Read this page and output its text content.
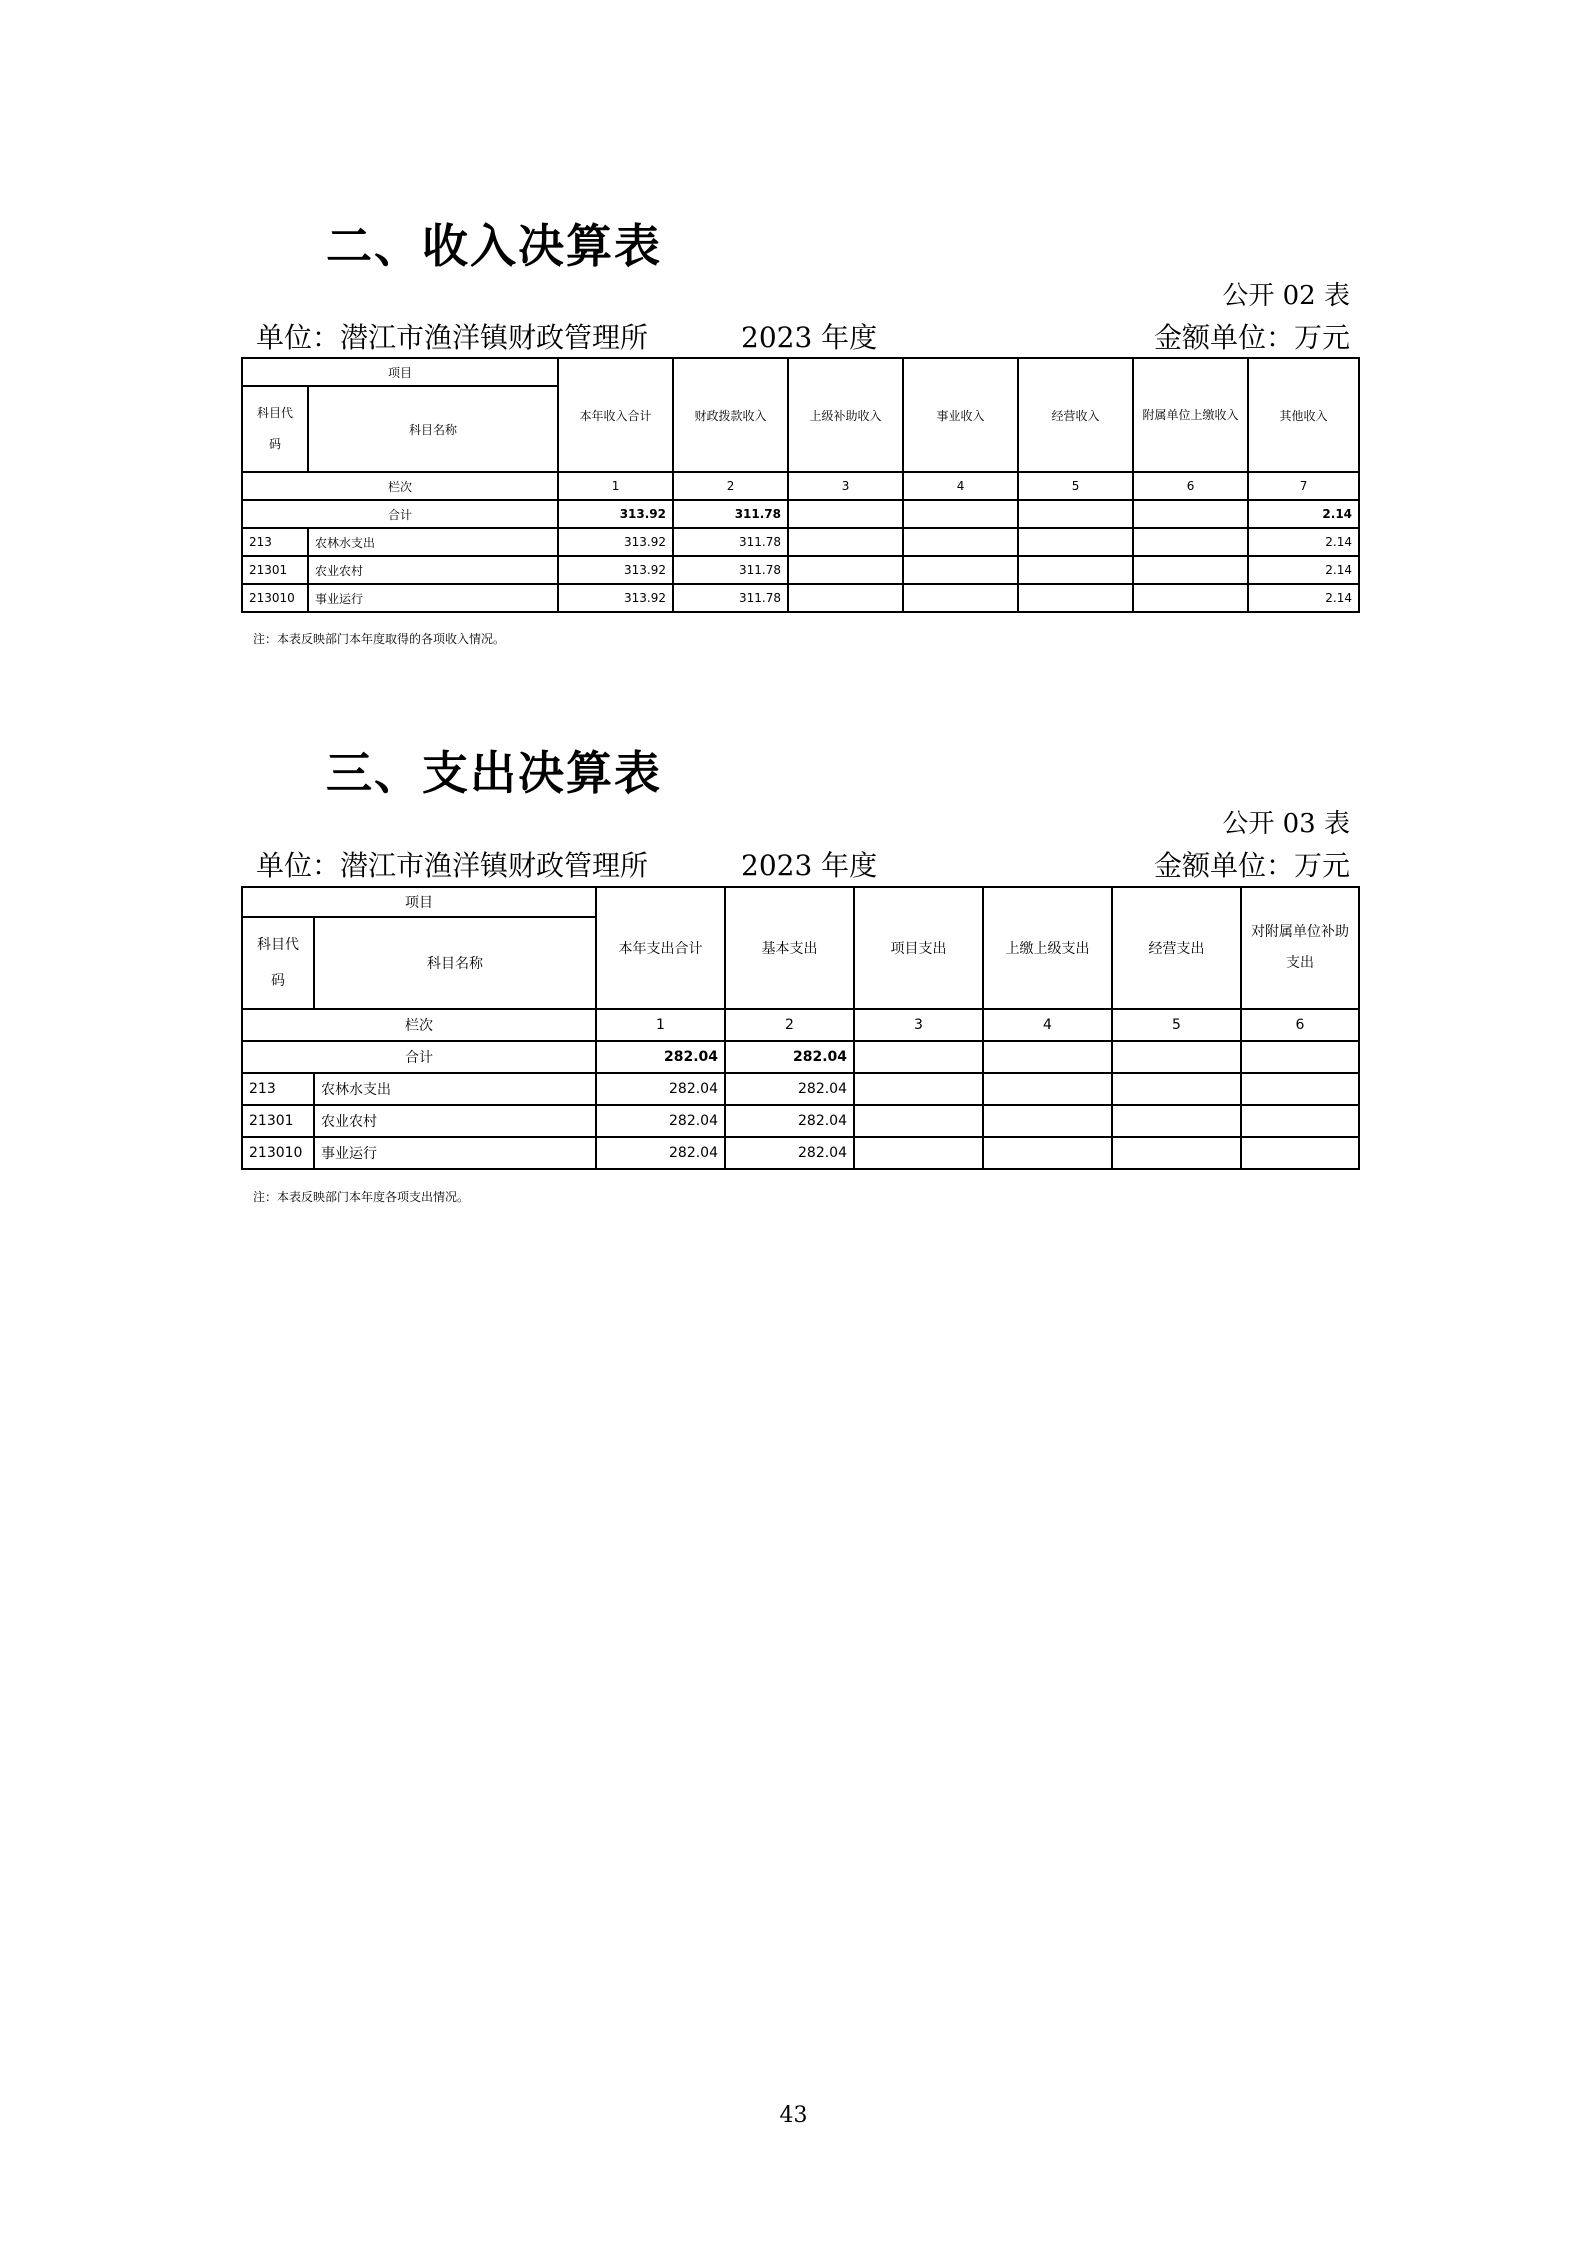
二、收入决算表
公开 02 表
单位：潜江市渔洋镇财政管理所	2023 年度	金额单位：万元
项目		本年收入合计	财政拨款收入	上级补助收入	事业收入	经营收入	附属单位上缴收入	其他收入
科目代
码	科目名称							
栏次		1	2	3	4	5	6	7
合计		313.92	311.78					2.14
213	农林水支出	313.92	311.78					2.14
21301	农业农村	313.92	311.78					2.14
213010	事业运行	313.92	311.78					2.14
注：本表反映部门本年度取得的各项收入情况。
三、支出决算表
公开 03 表
单位：潜江市渔洋镇财政管理所	2023 年度	金额单位：万元
项目		本年支出合计	基本支出	项目支出	上缴上级支出	经营支出	对附属单位补助支出
科目代
码	科目名称						
栏次		1	2	3	4	5	6
合计		282.04	282.04				
213	农林水支出	282.04	282.04				
21301	农业农村	282.04	282.04				
213010	事业运行	282.04	282.04				
注：本表反映部门本年度各项支出情况。
43
